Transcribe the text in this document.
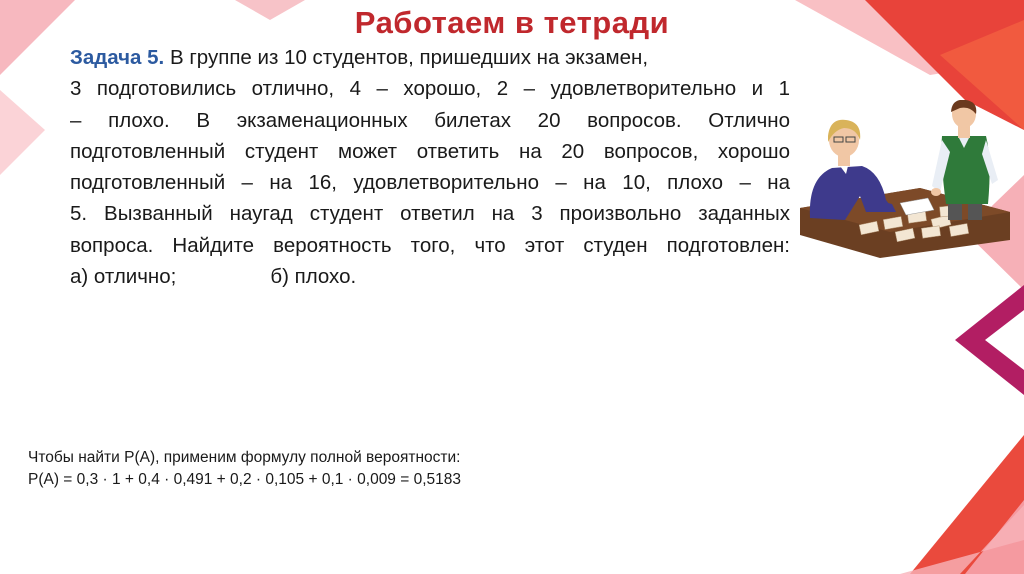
Работаем в тетради
Задача 5. В группе из 10 студентов, пришедших на экзамен,
3 подготовились отлично, 4 – хорошо, 2 – удовлетворительно и 1
– плохо. В экзаменационных билетах 20 вопросов. Отлично
подготовленный студент может ответить на 20 вопросов, хорошо
подготовленный – на 16, удовлетворительно – на 10, плохо – на
5. Вызванный наугад студент ответил на 3 произвольно заданных
вопроса. Найдите вероятность того, что этот студен подготовлен:
а) отлично;	б) плохо.
Чтобы найти P(A), применим формулу полной вероятности:
P(A) = 0,3 · 1 + 0,4 · 0,491 + 0,2 · 0,105 + 0,1 · 0,009 = 0,5183
